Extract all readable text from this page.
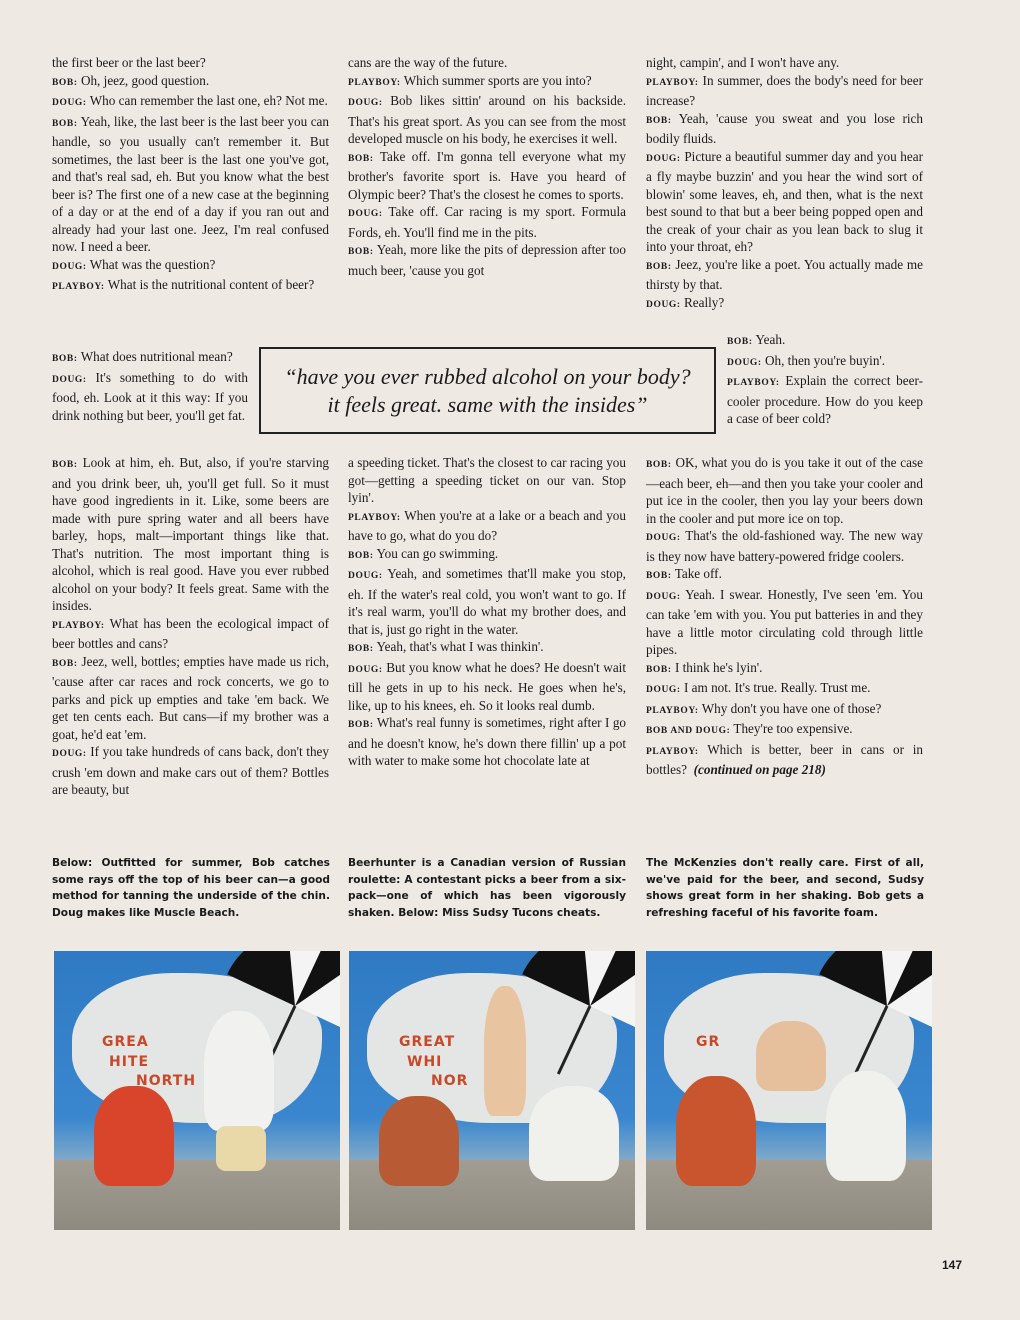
the first beer or the last beer?

BOB: Oh, jeez, good question.

DOUG: Who can remember the last one, eh? Not me.

BOB: Yeah, like, the last beer is the last beer you can handle, so you usually can't remember it. But sometimes, the last beer is the last one you've got, and that's real sad, eh. But you know what the best beer is? The first one of a new case at the beginning of a day or at the end of a day if you ran out and already had your last one. Jeez, I'm real confused now. I need a beer.

DOUG: What was the question?

PLAYBOY: What is the nutritional content of beer?

BOB: What does nutritional mean?

DOUG: It's something to do with food, eh. Look at it this way: If you drink nothing but beer, you'll get fat.

BOB: Look at him, eh. But, also, if you're starving and you drink beer, uh, you'll get full. So it must have good ingredients in it. Like, some beers are made with pure spring water and all beers have barley, hops, malt—important things like that. That's nutrition. The most important thing is alcohol, which is real good. Have you ever rubbed alcohol on your body? It feels great. Same with the insides.

PLAYBOY: What has been the ecological impact of beer bottles and cans?

BOB: Jeez, well, bottles; empties have made us rich, 'cause after car races and rock concerts, we go to parks and pick up empties and take 'em back. We get ten cents each. But cans—if my brother was a goat, he'd eat 'em.

DOUG: If you take hundreds of cans back, don't they crush 'em down and make cars out of them? Bottles are beauty, but

cans are the way of the future.

PLAYBOY: Which summer sports are you into?

DOUG: Bob likes sittin' around on his backside. That's his great sport. As you can see from the most developed muscle on his body, he exercises it well.

BOB: Take off. I'm gonna tell everyone what my brother's favorite sport is. Have you heard of Olympic beer? That's the closest he comes to sports.

DOUG: Take off. Car racing is my sport. Formula Fords, eh. You'll find me in the pits.

BOB: Yeah, more like the pits of depression after too much beer, 'cause you got

a speeding ticket. That's the closest to car racing you got—getting a speeding ticket on our van. Stop lyin'.

PLAYBOY: When you're at a lake or a beach and you have to go, what do you do?

BOB: You can go swimming.

DOUG: Yeah, and sometimes that'll make you stop, eh. If the water's real cold, you won't want to go. If it's real warm, you'll do what my brother does, and that is, just go right in the water.

BOB: Yeah, that's what I was thinkin'.

DOUG: But you know what he does? He doesn't wait till he gets in up to his neck. He goes when he's, like, up to his knees, eh. So it looks real dumb.

BOB: What's real funny is sometimes, right after I go and he doesn't know, he's down there fillin' up a pot with water to make some hot chocolate late at

night, campin', and I won't have any.

PLAYBOY: In summer, does the body's need for beer increase?

BOB: Yeah, 'cause you sweat and you lose rich bodily fluids.

DOUG: Picture a beautiful summer day and you hear a fly maybe buzzin' and you hear the wind sort of blowin' some leaves, eh, and then, what is the next best sound to that but a beer being popped open and the creak of your chair as you lean back to slug it into your throat, eh?

BOB: Jeez, you're like a poet. You actually made me thirsty by that.

DOUG: Really?

BOB: Yeah.

DOUG: Oh, then you're buyin'.

PLAYBOY: Explain the correct beer-cooler procedure. How do you keep a case of beer cold?

BOB: OK, what you do is you take it out of the case—each beer, eh—and then you take your cooler and put ice in the cooler, then you lay your beers down in the cooler and put more ice on top.

DOUG: That's the old-fashioned way. The new way is they now have battery-powered fridge coolers.

BOB: Take off.

DOUG: Yeah. I swear. Honestly, I've seen 'em. You can take 'em with you. You put batteries in and they have a little motor circulating cold through little pipes.

BOB: I think he's lyin'.

DOUG: I am not. It's true. Really. Trust me.

PLAYBOY: Why don't you have one of those?

BOB AND DOUG: They're too expensive.

PLAYBOY: Which is better, beer in cans or in bottles? (continued on page 218)

“have you ever rubbed alcohol on your body?
it feels great. same with the insides”
Below: Outfitted for summer, Bob catches some rays off the top of his beer can—a good method for tanning the underside of the chin. Doug makes like Muscle Beach.
Beerhunter is a Canadian version of Russian roulette: A contestant picks a beer from a six-pack—one of which has been vigorously shaken. Below: Miss Sudsy Tucons cheats.
The McKenzies don't really care. First of all, we've paid for the beer, and second, Sudsy shows great form in her shaking. Bob gets a refreshing faceful of his favorite foam.
GREA
HITE
NORTH
GREAT
WHI
NOR
GR
147
